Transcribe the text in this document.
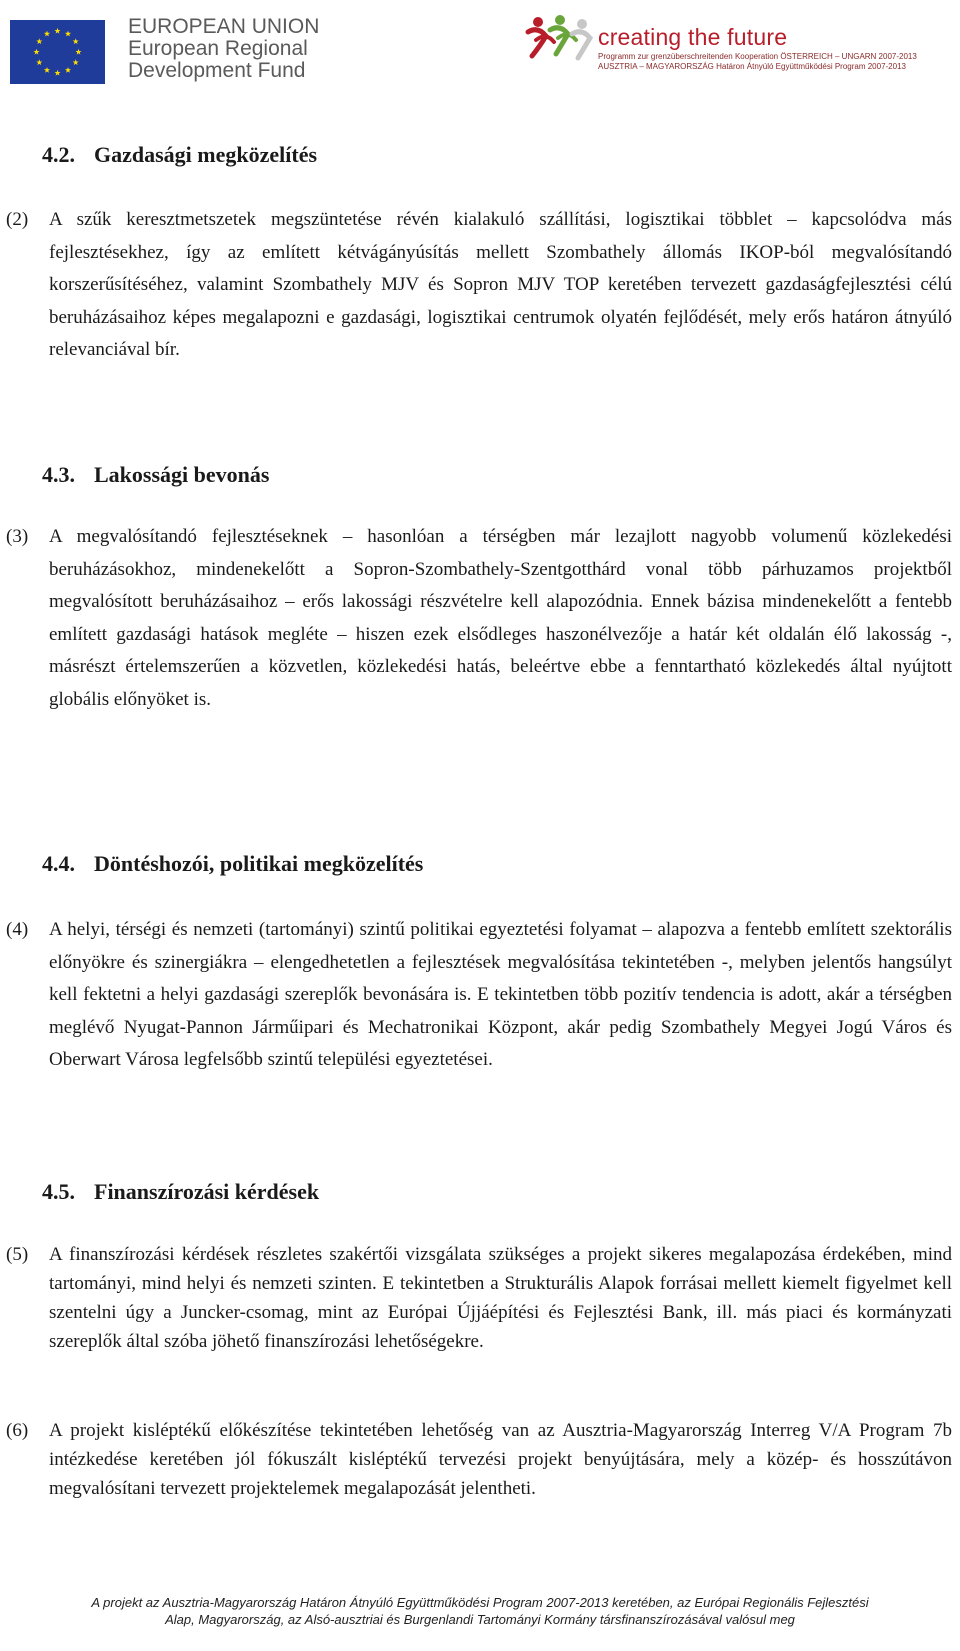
EUROPEAN UNION
European Regional
Development Fund
creating the future
Programm zur grenzüberschreitenden Kooperation ÖSTERREICH – UNGARN 2007-2013
AUSZTRIA – MAGYARORSZÁG Határon Átnyúló Együttműködési Program 2007-2013
4.2. Gazdasági megközelítés
(2) A szűk keresztmetszetek megszüntetése révén kialakuló szállítási, logisztikai többlet – kapcsolódva más fejlesztésekhez, így az említett kétvágányúsítás mellett Szombathely állomás IKOP-ból megvalósítandó korszerűsítéséhez, valamint Szombathely MJV és Sopron MJV TOP keretében tervezett gazdaságfejlesztési célú beruházásaihoz képes megalapozni e gazdasági, logisztikai centrumok olyatén fejlődését, mely erős határon átnyúló relevanciával bír.
4.3. Lakossági bevonás
(3) A megvalósítandó fejlesztéseknek – hasonlóan a térségben már lezajlott nagyobb volumenű közlekedési beruházásokhoz, mindenekelőtt a Sopron-Szombathely-Szentgotthárd vonal több párhuzamos projektből megvalósított beruházásaihoz – erős lakossági részvételre kell alapozódnia. Ennek bázisa mindenekelőtt a fentebb említett gazdasági hatások megléte – hiszen ezek elsődleges haszonélvezője a határ két oldalán élő lakosság -, másrészt értelemszerűen a közvetlen, közlekedési hatás, beleértve ebbe a fenntartható közlekedés által nyújtott globális előnyöket is.
4.4. Döntéshozói, politikai megközelítés
(4) A helyi, térségi és nemzeti (tartományi) szintű politikai egyeztetési folyamat – alapozva a fentebb említett szektorális előnyökre és szinergiákra – elengedhetetlen a fejlesztések megvalósítása tekintetében -, melyben jelentős hangsúlyt kell fektetni a helyi gazdasági szereplők bevonására is. E tekintetben több pozitív tendencia is adott, akár a térségben meglévő Nyugat-Pannon Járműipari és Mechatronikai Központ, akár pedig Szombathely Megyei Jogú Város és Oberwart Városa legfelsőbb szintű települési egyeztetései.
4.5. Finanszírozási kérdések
(5) A finanszírozási kérdések részletes szakértői vizsgálata szükséges a projekt sikeres megalapozása érdekében, mind tartományi, mind helyi és nemzeti szinten. E tekintetben a Strukturális Alapok forrásai mellett kiemelt figyelmet kell szentelni úgy a Juncker-csomag, mint az Európai Újjáépítési és Fejlesztési Bank, ill. más piaci és kormányzati szereplők által szóba jöhető finanszírozási lehetőségekre.
(6) A projekt kisléptékű előkészítése tekintetében lehetőség van az Ausztria-Magyarország Interreg V/A Program 7b intézkedése keretében jól fókuszált kisléptékű tervezési projekt benyújtására, mely a közép- és hosszútávon megvalósítani tervezett projektelemek megalapozását jelentheti.
A projekt az Ausztria-Magyarország Határon Átnyúló Együttműködési Program 2007-2013 keretében, az Európai Regionális Fejlesztési
Alap, Magyarország, az Alsó-ausztriai és Burgenlandi Tartományi Kormány társfinanszírozásával valósul meg
